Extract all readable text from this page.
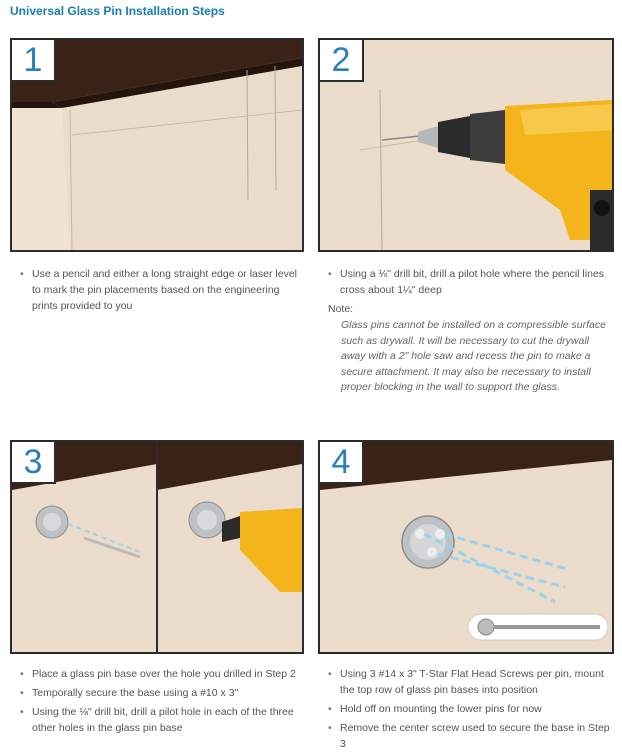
Universal Glass Pin Installation Steps
1	2
• Use a pencil and either a long straight edge or laser level to mark the pin placements based on the engineering prints provided to you
• Using a ⅛" drill bit, drill a pilot hole where the pencil lines cross about 1¼" deep
Note:
Glass pins cannot be installed on a compressible surface such as drywall. It will be necessary to cut the drywall away with a 2" hole saw and recess the pin to make a secure attachment. It may also be necessary to install proper blocking in the wall to support the glass.
3	4
• Place a glass pin base over the hole you drilled in Step 2
• Temporally secure the base using a #10 x 3"
• Using the ⅛" drill bit, drill a pilot hole in each of the three other holes in the glass pin base
• Using 3 #14 x 3" T-Star Flat Head Screws per pin, mount the top row of glass pin bases into position
• Hold off on mounting the lower pins for now
• Remove the center screw used to secure the base in Step 3
